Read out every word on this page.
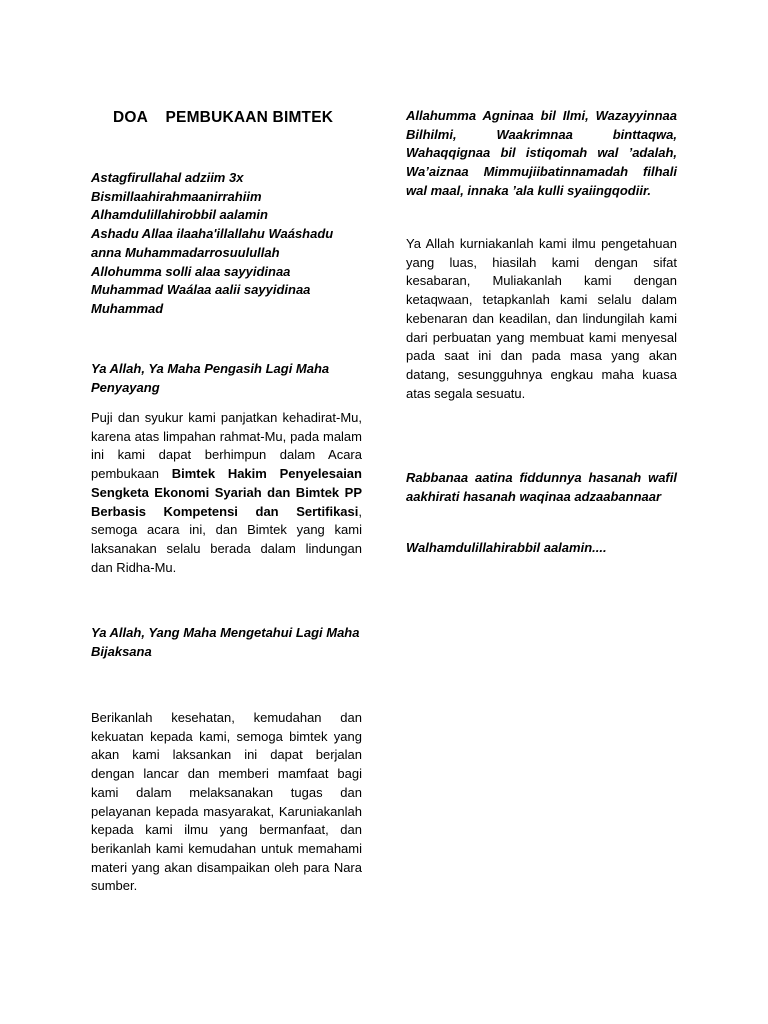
DOA    PEMBUKAAN BIMTEK
Astagfirullahal adziim 3x
Bismillaahirahmaanirrahiim
Alhamdulillahirobbil aalamin
Ashadu Allaa ilaaha'illallahu Waáshadu
anna Muhammadarrosuulullah
Allohumma solli alaa sayyidinaa
Muhammad Waálaa aalii sayyidinaa
Muhammad

Ya Allah, Ya Maha Pengasih Lagi Maha Penyayang

Puji dan syukur kami panjatkan kehadirat-Mu, karena atas limpahan rahmat-Mu, pada malam ini kami dapat berhimpun dalam Acara pembukaan Bimtek Hakim Penyelesaian Sengketa Ekonomi Syariah dan Bimtek PP Berbasis Kompetensi dan Sertifikasi, semoga acara ini, dan Bimtek yang kami laksanakan selalu berada dalam lindungan dan Ridha-Mu.

Ya Allah, Yang Maha Mengetahui Lagi Maha Bijaksana

Berikanlah kesehatan, kemudahan dan kekuatan kepada kami, semoga bimtek yang akan kami laksankan ini dapat berjalan dengan lancar dan memberi mamfaat bagi kami dalam melaksanakan tugas dan pelayanan kepada masyarakat, Karuniakanlah kepada kami ilmu yang bermanfaat, dan berikanlah kami kemudahan untuk memahami materi yang akan disampaikan oleh para Nara sumber.

Allahumma Agninaa bil Ilmi, Wazayyinnaa Bilhilmi, Waakrimnaa binttaqwa, Wahaqqignaa bil istiqomah wal ’adalah, Wa’aiznaa Mimmujiibatinnamadah filhali wal maal, innaka ’ala kulli syaiingqodiir.

Ya Allah kurniakanlah kami ilmu pengetahuan yang luas, hiasilah kami dengan sifat kesabaran, Muliakanlah kami dengan ketaqwaan, tetapkanlah kami selalu dalam kebenaran dan keadilan, dan lindungilah kami dari perbuatan yang membuat kami menyesal pada saat ini dan pada masa yang akan datang, sesungguhnya engkau maha kuasa atas segala sesuatu.

Rabbanaa aatina fiddunnya hasanah wafil aakhirati hasanah waqinaa adzaabannaar

Walhamdulillahirabbil aalamin....
